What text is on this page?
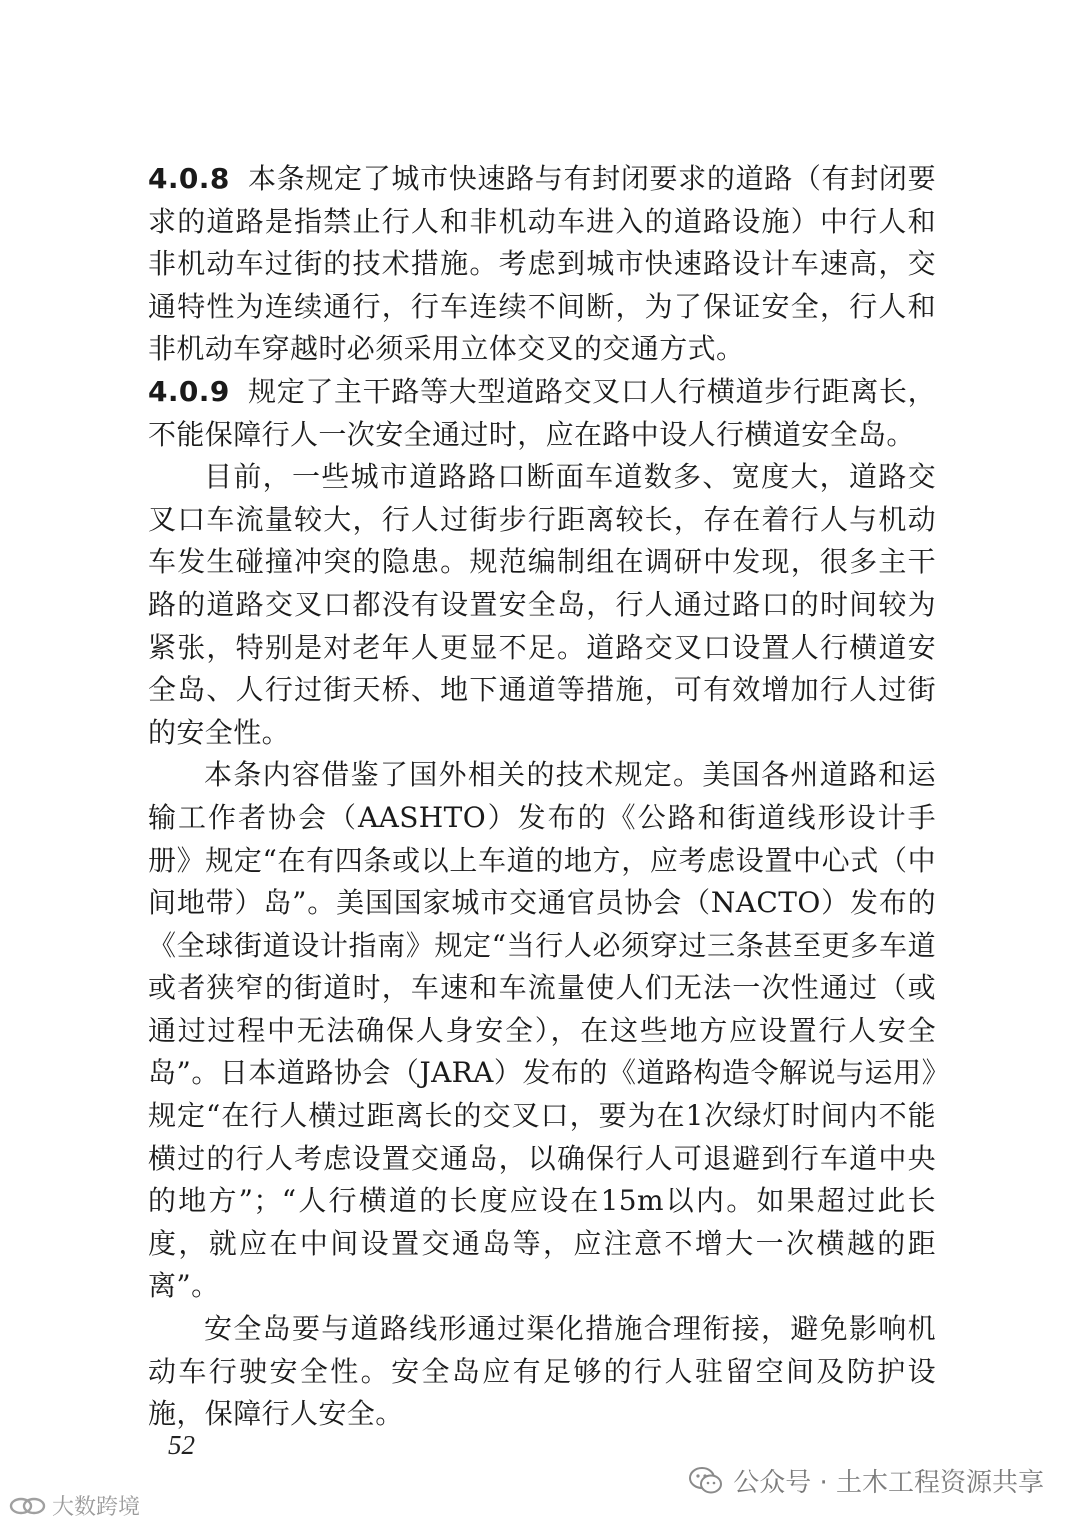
4.0.8 本条规定了城市快速路与有封闭要求的道路（有封闭要求的道路是指禁止行人和非机动车进入的道路设施）中行人和非机动车过街的技术措施。考虑到城市快速路设计车速高，交通特性为连续通行，行车连续不间断，为了保证安全，行人和非机动车穿越时必须采用立体交叉的交通方式。

4.0.9 规定了主干路等大型道路交叉口人行横道步行距离长，不能保障行人一次安全通过时，应在路中设人行横道安全岛。

目前，一些城市道路路口断面车道数多、宽度大，道路交叉口车流量较大，行人过街步行距离较长，存在着行人与机动车发生碰撞冲突的隐患。规范编制组在调研中发现，很多主干路的道路交叉口都没有设置安全岛，行人通过路口的时间较为紧张，特别是对老年人更显不足。道路交叉口设置人行横道安全岛、人行过街天桥、地下通道等措施，可有效增加行人过街的安全性。

本条内容借鉴了国外相关的技术规定。美国各州道路和运输工作者协会（AASHTO）发布的《公路和街道线形设计手册》规定“在有四条或以上车道的地方，应考虑设置中心式（中间地带）岛”。美国国家城市交通官员协会（NACTO）发布的《全球街道设计指南》规定“当行人必须穿过三条甚至更多车道或者狭窄的街道时，车速和车流量使人们无法一次性通过（或通过过程中无法确保人身安全），在这些地方应设置行人安全岛”。日本道路协会（JARA）发布的《道路构造令解说与运用》规定“在行人横过距离长的交叉口，要为在1次绿灯时间内不能横过的行人考虑设置交通岛，以确保行人可退避到行车道中央的地方”；“人行横道的长度应设在15m以内。如果超过此长度，就应在中间设置交通岛等，应注意不增大一次横越的距离”。

安全岛要与道路线形通过渠化措施合理衔接，避免影响机动车行驶安全性。安全岛应有足够的行人驻留空间及防护设施，保障行人安全。

52
公众号 · 土木工程资源共享
大数跨境
